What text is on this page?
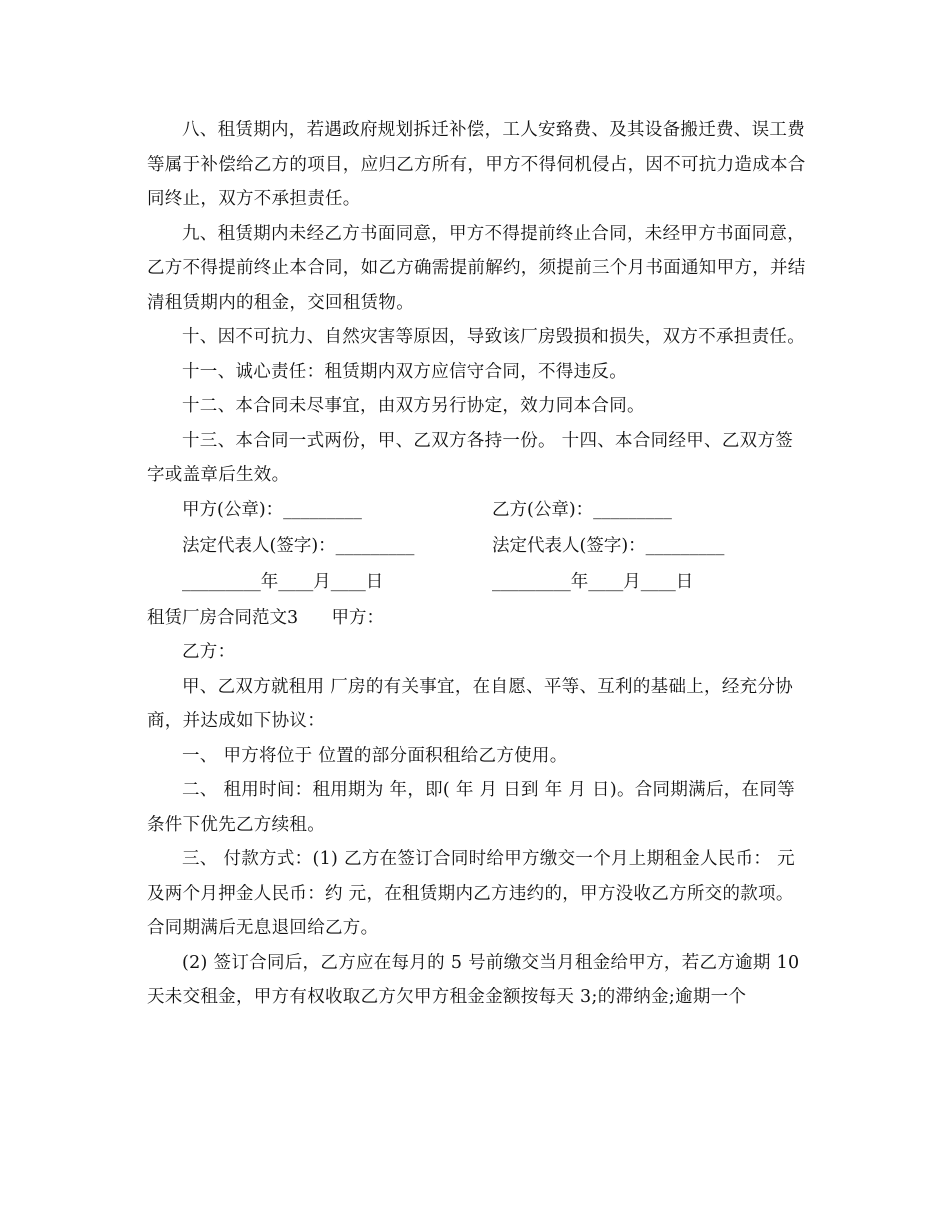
八、租赁期内，若遇政府规划拆迁补偿，工人安臵费、及其设备搬迁费、误工费等属于补偿给乙方的项目，应归乙方所有，甲方不得伺机侵占，因不可抗力造成本合同终止，双方不承担责任。

九、租赁期内未经乙方书面同意，甲方不得提前终止合同，未经甲方书面同意，乙方不得提前终止本合同，如乙方确需提前解约，须提前三个月书面通知甲方，并结清租赁期内的租金，交回租赁物。

十、因不可抗力、自然灾害等原因，导致该厂房毁损和损失，双方不承担责任。

十一、诚心责任：租赁期内双方应信守合同，不得违反。

十二、本合同未尽事宜，由双方另行协定，效力同本合同。

十三、本合同一式两份，甲、乙双方各持一份。 十四、本合同经甲、乙双方签字或盖章后生效。

甲方(公章)：_________	乙方(公章)：_________
法定代表人(签字)：_________	法定代表人(签字)：_________
_________年____月____日	_________年____月____日
租赁厂房合同范文3      甲方：

乙方：

甲、乙双方就租用 厂房的有关事宜，在自愿、平等、互利的基础上，经充分协商，并达成如下协议：

一、 甲方将位于 位置的部分面积租给乙方使用。

二、 租用时间：租用期为 年，即( 年 月 日到 年 月 日)。合同期满后，在同等条件下优先乙方续租。

三、 付款方式：(1) 乙方在签订合同时给甲方缴交一个月上期租金人民币： 元及两个月押金人民币：约 元，在租赁期内乙方违约的，甲方没收乙方所交的款项。合同期满后无息退回给乙方。

(2) 签订合同后，乙方应在每月的 5 号前缴交当月租金给甲方，若乙方逾期 10 天未交租金，甲方有权收取乙方欠甲方租金金额按每天 3;的滞纳金;逾期一个
